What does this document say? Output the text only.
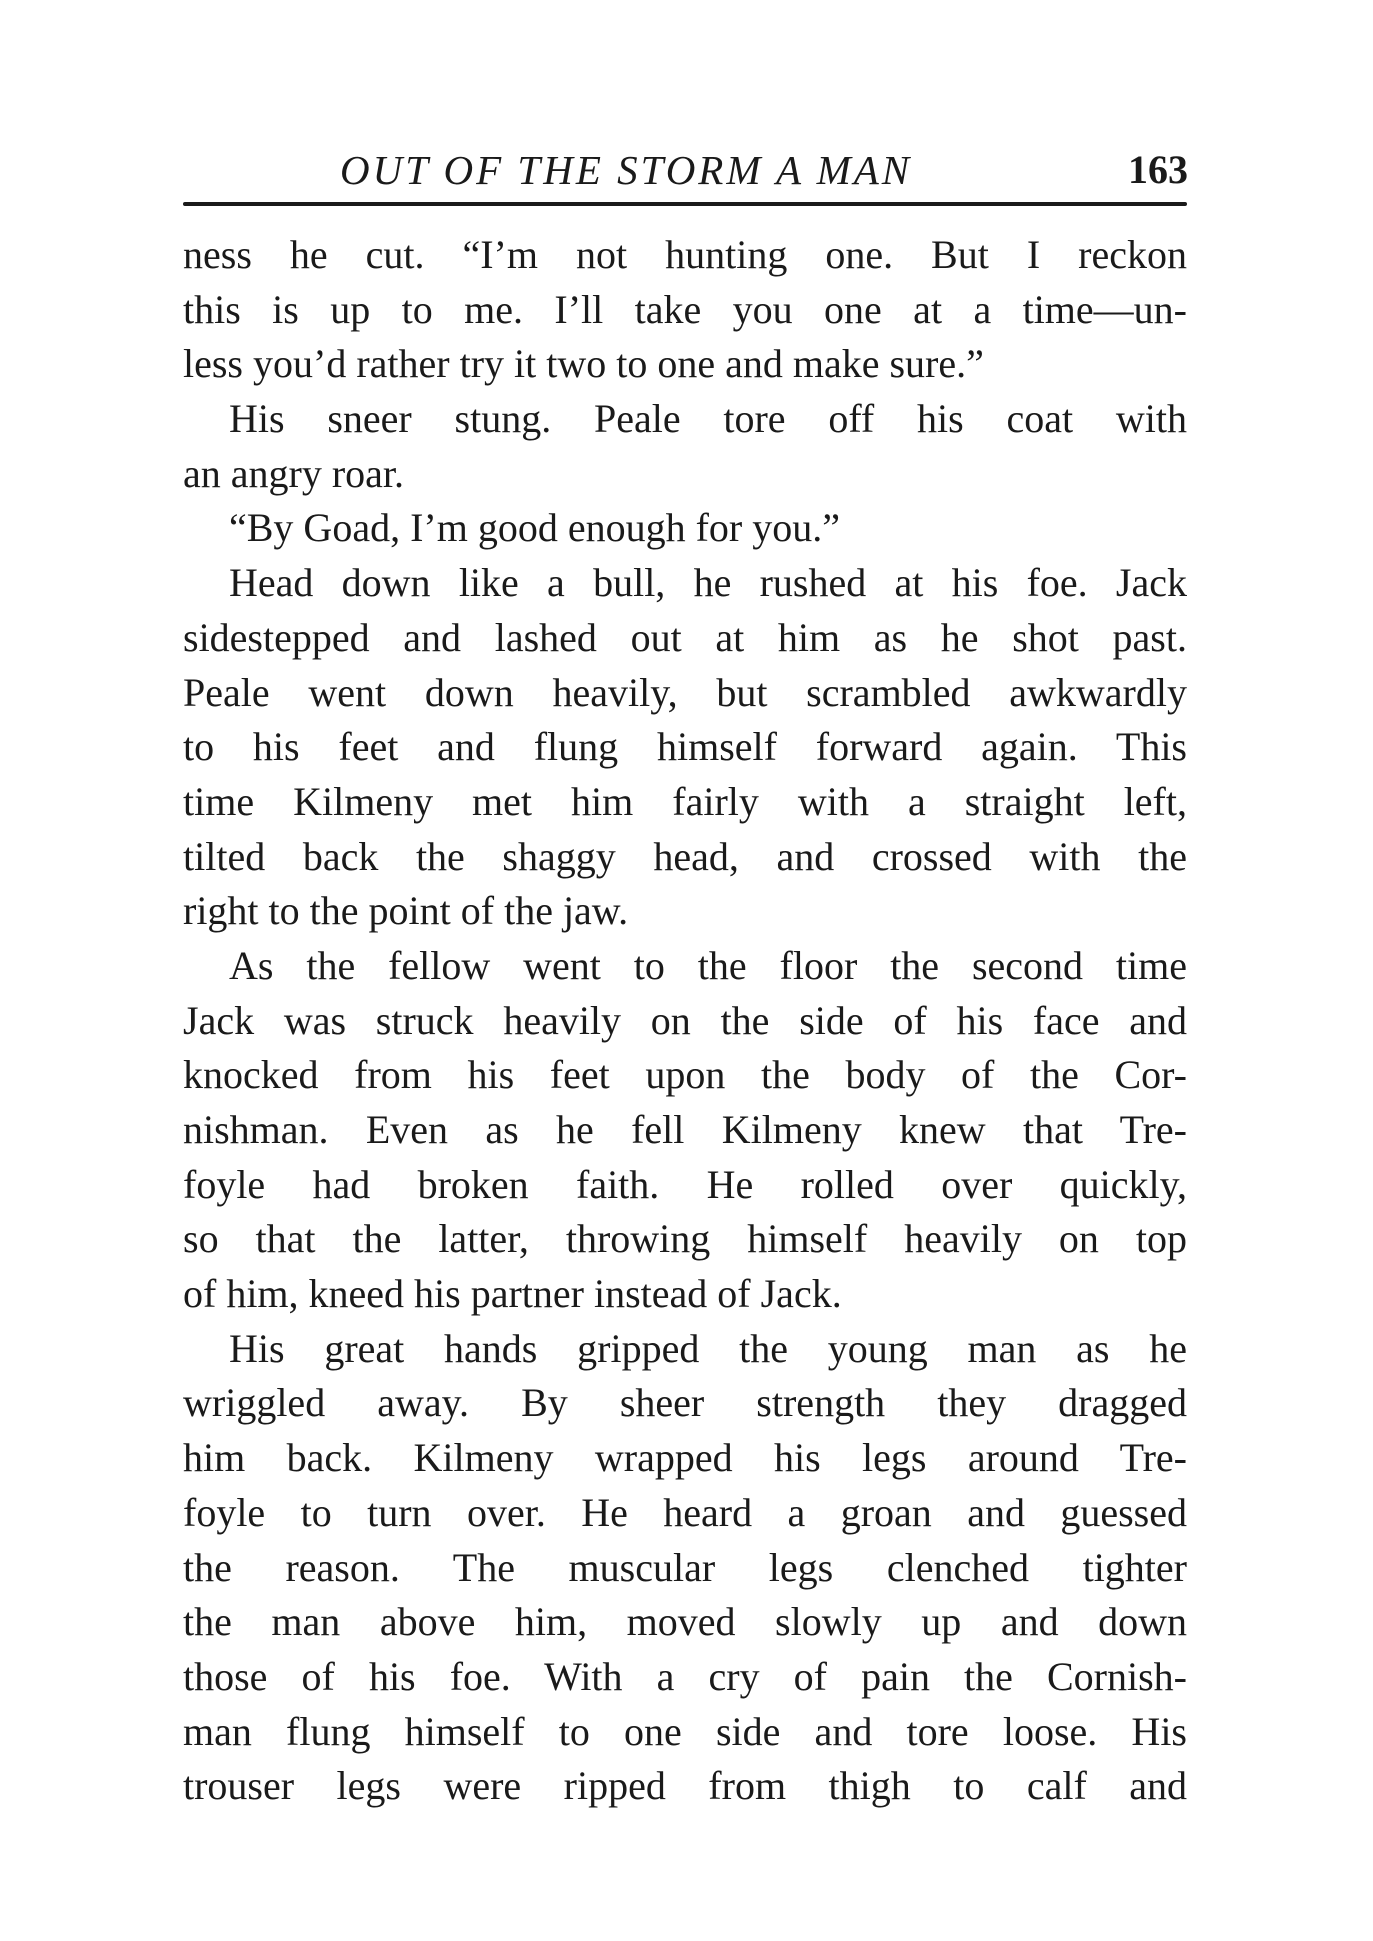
OUT OF THE STORM A MAN	163
ness he cut. “I’m not hunting one. But I reckon
this is up to me. I’ll take you one at a time—un-
less you’d rather try it two to one and make sure.”
His sneer stung. Peale tore off his coat with
an angry roar.
“By Goad, I’m good enough for you.”
Head down like a bull, he rushed at his foe. Jack
sidestepped and lashed out at him as he shot past.
Peale went down heavily, but scrambled awkwardly
to his feet and flung himself forward again. This
time Kilmeny met him fairly with a straight left,
tilted back the shaggy head, and crossed with the
right to the point of the jaw.
As the fellow went to the floor the second time
Jack was struck heavily on the side of his face and
knocked from his feet upon the body of the Cor-
nishman. Even as he fell Kilmeny knew that Tre-
foyle had broken faith. He rolled over quickly,
so that the latter, throwing himself heavily on top
of him, kneed his partner instead of Jack.
His great hands gripped the young man as he
wriggled away. By sheer strength they dragged
him back. Kilmeny wrapped his legs around Tre-
foyle to turn over. He heard a groan and guessed
the reason. The muscular legs clenched tighter
the man above him, moved slowly up and down
those of his foe. With a cry of pain the Cornish-
man flung himself to one side and tore loose. His
trouser legs were ripped from thigh to calf and
